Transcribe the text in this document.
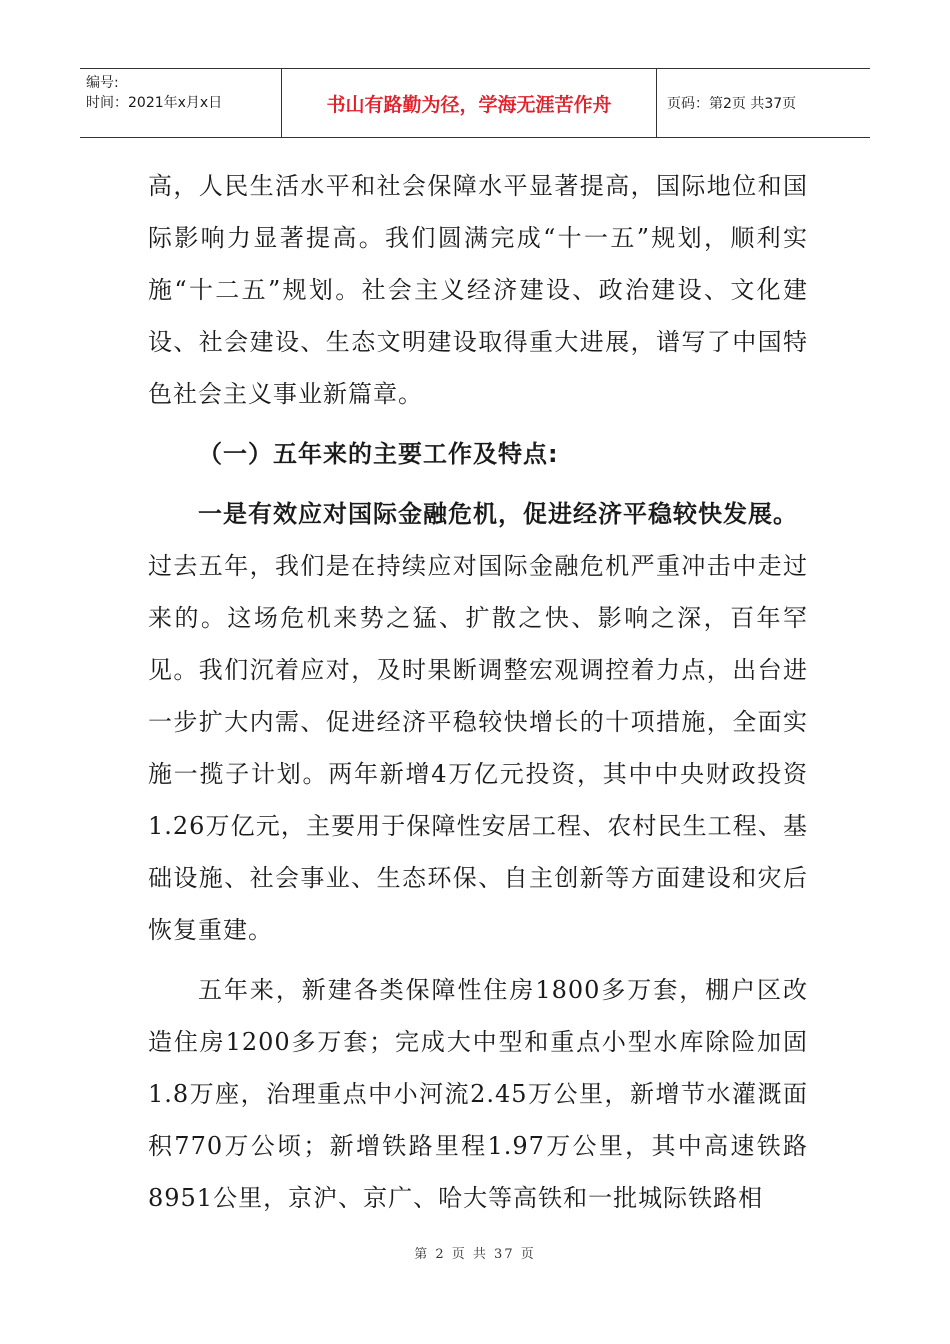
编号:
时间：2021年x月x日	书山有路勤为径，学海无涯苦作舟	页码：第2页 共37页

高，人民生活水平和社会保障水平显著提高，国际地位和国际影响力显著提高。我们圆满完成“十一五”规划，顺利实施“十二五”规划。社会主义经济建设、政治建设、文化建设、社会建设、生态文明建设取得重大进展，谱写了中国特色社会主义事业新篇章。

（一）五年来的主要工作及特点:

一是有效应对国际金融危机，促进经济平稳较快发展。

过去五年，我们是在持续应对国际金融危机严重冲击中走过来的。这场危机来势之猛、扩散之快、影响之深，百年罕见。我们沉着应对，及时果断调整宏观调控着力点，出台进一步扩大内需、促进经济平稳较快增长的十项措施，全面实施一揽子计划。两年新增4万亿元投资，其中中央财政投资1.26万亿元，主要用于保障性安居工程、农村民生工程、基础设施、社会事业、生态环保、自主创新等方面建设和灾后恢复重建。

五年来，新建各类保障性住房1800多万套，棚户区改造住房1200多万套；完成大中型和重点小型水库除险加固1.8万座，治理重点中小河流2.45万公里，新增节水灌溉面积770万公顷；新增铁路里程1.97万公里，其中高速铁路8951公里，京沪、京广、哈大等高铁和一批城际铁路相

第 2 页 共 37 页
